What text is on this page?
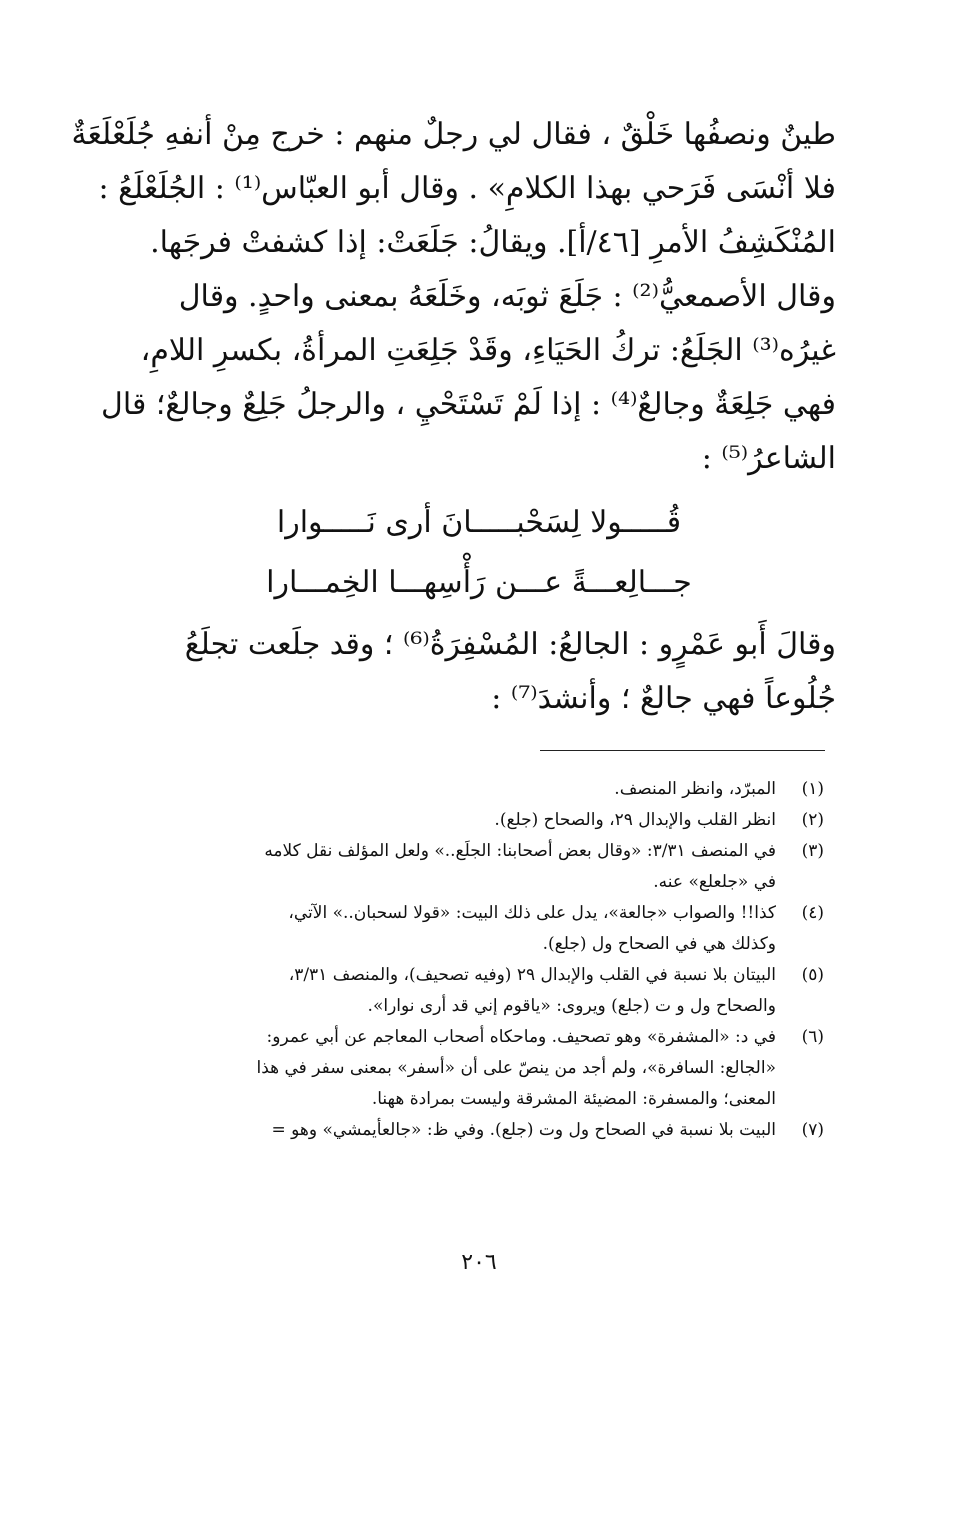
طينٌ ونصفُها خَلْقٌ ، فقال لي رجلٌ منهم : خرج مِنْ أنفهِ جُلَعْلَعَةٌ
فلا أنْسَى فَرَحي بهذا الكلامِ» . وقال أبو العبّاس⁽¹⁾ : الجُلَعْلَعُ :
المُنْكَشِفُ الأمرِ [٤٦/أ]. ويقالُ: جَلَعَتْ: إذا كشفتْ فرجَها.
وقال الأصمعيُّ⁽²⁾ : جَلَعَ ثوبَه، وخَلَعَهُ بمعنى واحدٍ. وقال
غيرُه⁽³⁾ الجَلَعُ: تركُ الحَيَاءِ، وقَدْ جَلِعَتِ المرأةُ، بكسرِ اللامِ،
فهي جَلِعَةٌ وجالعٌ⁽⁴⁾ : إذا لَمْ تَسْتَحْيِ ، والرجلُ جَلِعٌ وجالعٌ؛ قال
الشاعرُ⁽⁵⁾ :
قُـــــولا لِسَحْبـــــانَ أرى نَـــــوارا
جـــالِعـــةً عـــن رَأْسِهـــا الخِمـــارا
وقالَ أَبو عَمْرٍو : الجالعُ: المُسْفِرَةُ⁽⁶⁾ ؛ وقد جلَعت تجلَعُ
جُلُوعاً فهي جالعٌ ؛ وأنشدَ⁽⁷⁾ :
(١)
المبرّد، وانظر المنصف.
(٢)
انظر القلب والإبدال ٢٩، والصحاح (جلع).
(٣)
في المنصف ٣/٣١: «وقال بعض أصحابنا: الجلَع..» ولعل المؤلف نقل كلامه
في «جلعلع» عنه.
(٤)
كذا!! والصواب «جالعة»، يدل على ذلك البيت: «قولا لسحبان..» الآتي،
وكذلك هي في الصحاح ول (جلع).
(٥)
البيتان بلا نسبة في القلب والإبدال ٢٩ (وفيه تصحيف)، والمنصف ٣/٣١،
والصحاح ول و ت (جلع) ويروى: «ياقوم إني قد أرى نوارا».
(٦)
في د: «المشفرة» وهو تصحيف. وماحكاه أصحاب المعاجم عن أبي عمرو:
«الجالع: السافرة»، ولم أجد من ينصّ على أن «أسفر» بمعنى سفر في هذا
المعنى؛ والمسفرة: المضيئة المشرقة وليست بمرادة ههنا.
(٧)
البيت بلا نسبة في الصحاح ول وت (جلع). وفي ظ: «جالعأيمشي» وهو =
٢٠٦
